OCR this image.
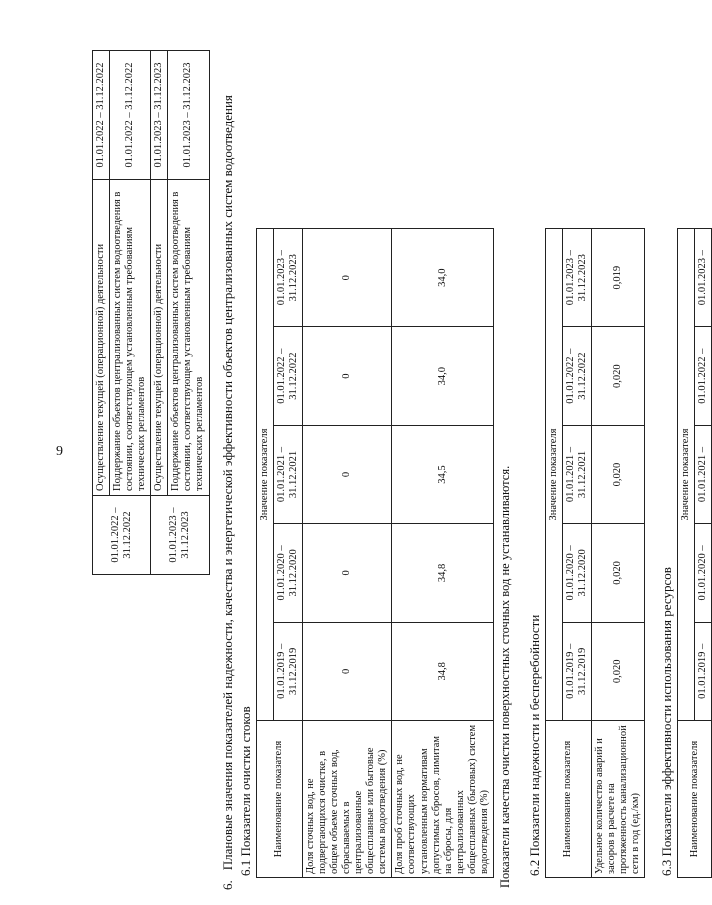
9
01.01.2022 – 31.12.2022	Осуществление текущей (операционной) деятельности	01.01.2022 – 31.12.2022
	Поддержание объектов централизованных систем водоотведения в состоянии, соответствующем установленным требованиям технических регламентов	01.01.2022 – 31.12.2022
01.01.2023 – 31.12.2023	Осуществление текущей (операционной) деятельности	01.01.2023 – 31.12.2023
	Поддержание объектов централизованных систем водоотведения в состоянии, соответствующем установленным требованиям технических регламентов	01.01.2023 – 31.12.2023
6.Плановые значения показателей надежности, качества и энергетической эффективности объектов централизованных систем водоотведения 6.1 Показатели очистки стоков Наименование показателя	Значение показателя				
	01.01.2019 – 31.12.2019	01.01.2020 – 31.12.2020	01.01.2021 – 31.12.2021	01.01.2022 – 31.12.2022	01.01.2023 – 31.12.2023
Доля сточных вод, не подвергающихся очистке, в общем объеме сточных вод, сбрасываемых в централизованные общесплавные или бытовые системы водоотведения (%)	0	0	0	0	0
Доля проб сточных вод, не соответствующих установленным нормативам допустимых сбросов, лимитам на сбросы, для централизованных общесплавных (бытовых) систем водоотведения (%)	34,8	34,8	34,5	34,0	34,0
Показатели качества очистки поверхностных сточных вод не устанавливаются. 6.2 Показатели надежности и бесперебойности Наименование показателя	Значение показателя				
	01.01.2019 – 31.12.2019	01.01.2020 – 31.12.2020	01.01.2021 – 31.12.2021	01.01.2022 – 31.12.2022	01.01.2023 – 31.12.2023
Удельное количество аварий и засоров в расчете на протяженность канализационной сети в год (ед./км)	0,020	0,020	0,020	0,020	0,019
6.3 Показатели эффективности использования ресурсов Наименование показателя	Значение показателя				
	01.01.2019 –	01.01.2020 –	01.01.2021 –	01.01.2022 –	01.01.2023 –
